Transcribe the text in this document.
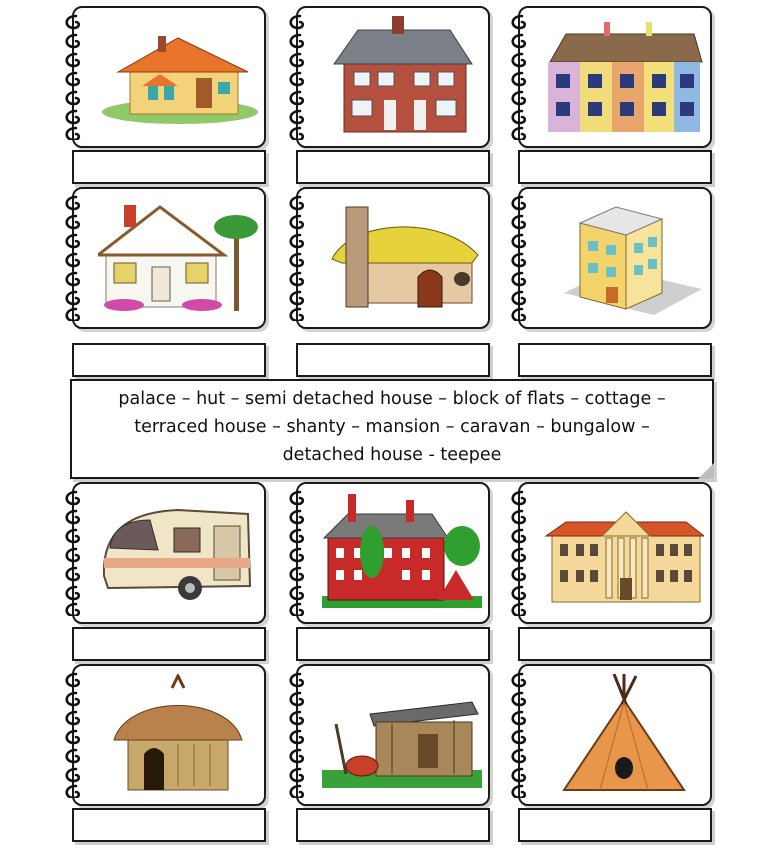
palace – hut – semi detached house – block of flats – cottage –
terraced house – shanty – mansion – caravan – bungalow –
detached house - teepee
